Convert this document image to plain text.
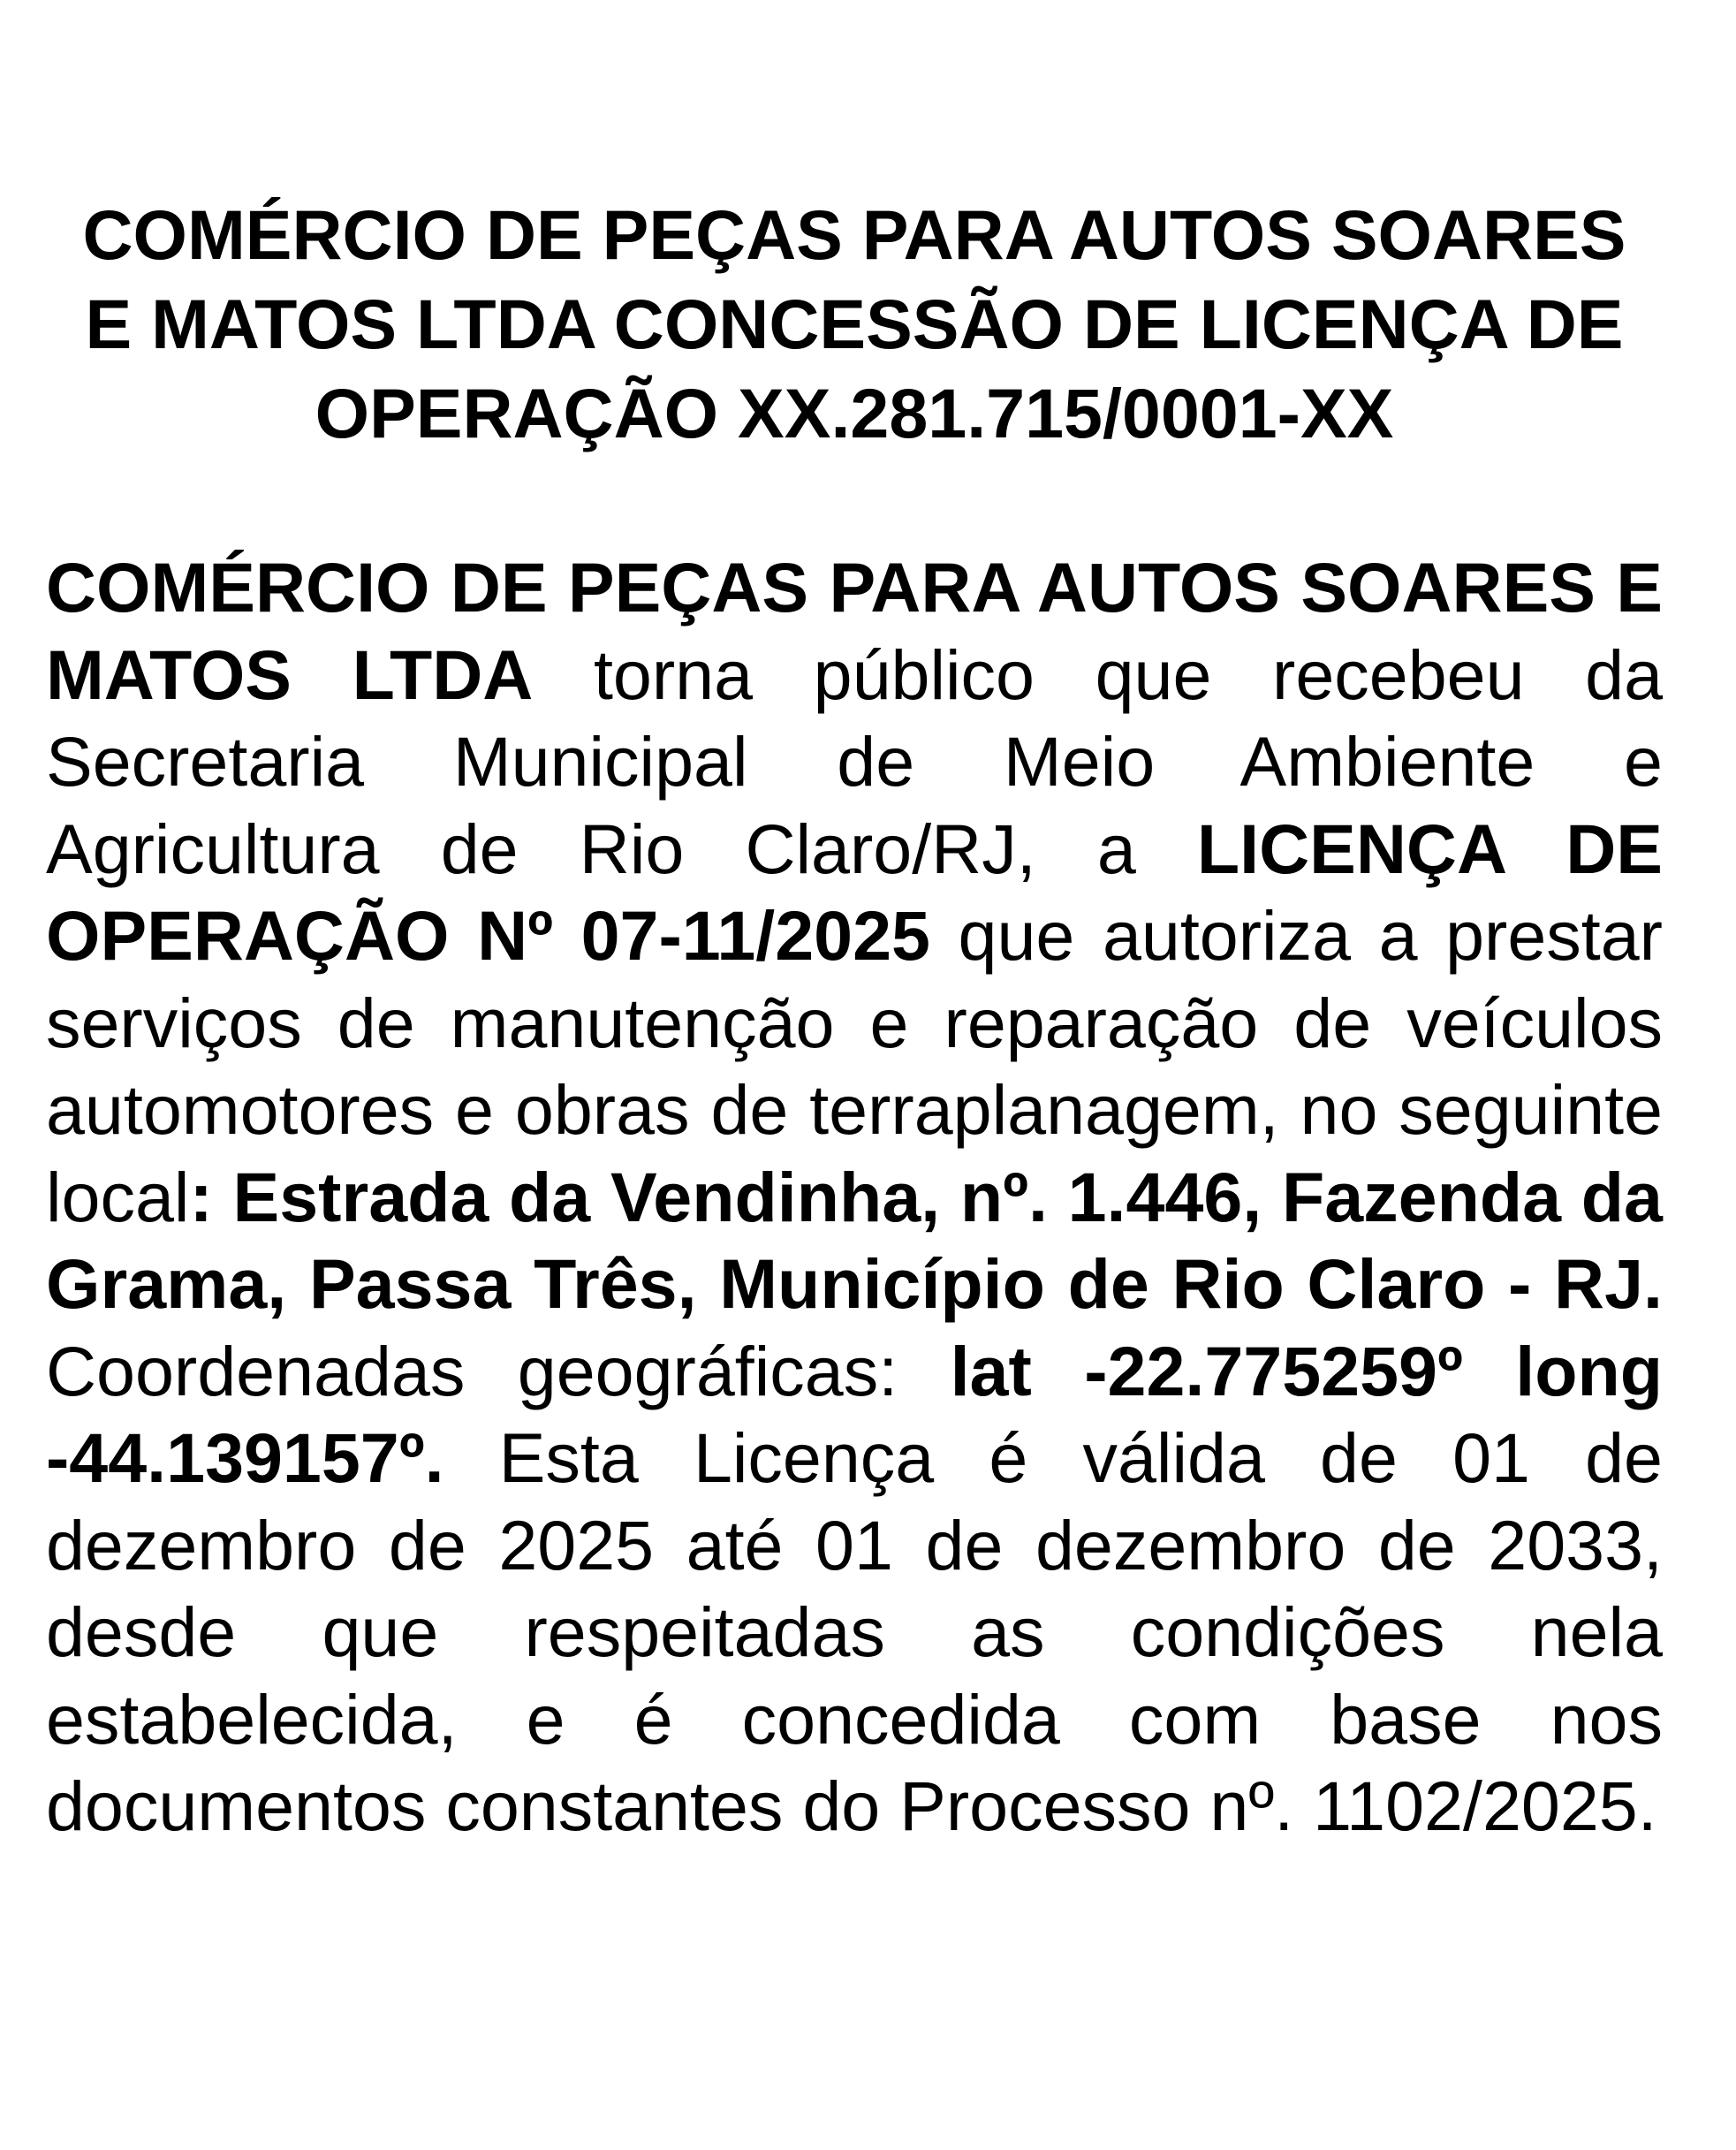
COMÉRCIO DE PEÇAS PARA AUTOS SOARES
E MATOS LTDA CONCESSÃO DE LICENÇA DE
OPERAÇÃO XX.281.715/0001-XX

COMÉRCIO DE PEÇAS PARA AUTOS SOARES E MATOS LTDA torna público que recebeu da Secretaria Municipal de Meio Ambiente e Agricultura de Rio Claro/RJ, a LICENÇA DE OPERAÇÃO Nº 07-11/2025 que autoriza a prestar serviços de manutenção e reparação de veículos automotores e obras de terraplanagem, no seguinte local: Estrada da Vendinha, nº. 1.446, Fazenda da Grama, Passa Três, Município de Rio Claro - RJ. Coordenadas geográficas: lat -22.775259º long -44.139157º. Esta Licença é válida de 01 de dezembro de 2025 até 01 de dezembro de 2033, desde que respeitadas as condições nela estabelecida, e é concedida com base nos documentos constantes do Processo nº. 1102/2025.
